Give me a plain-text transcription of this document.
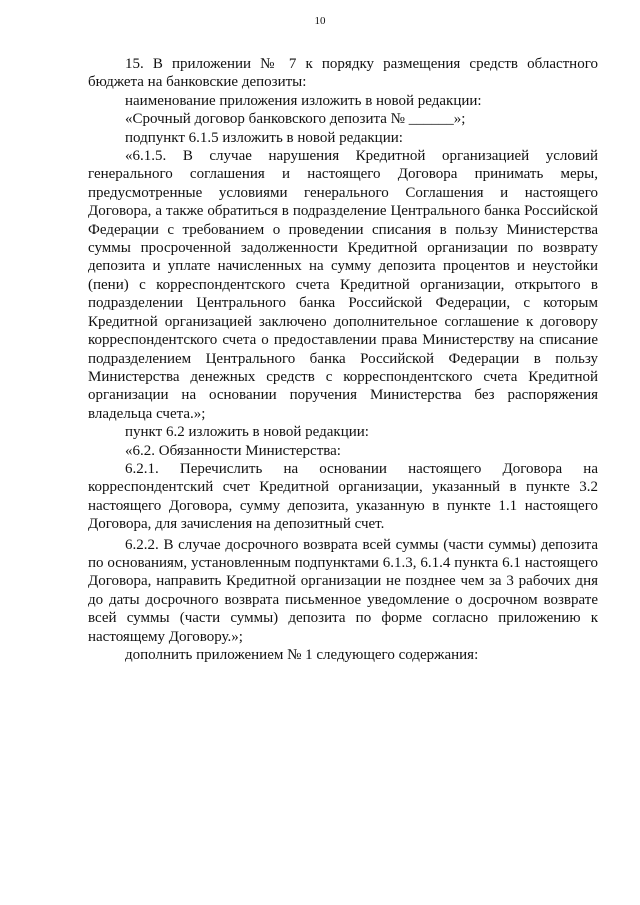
10

15. В приложении № 7 к порядку размещения средств областного бюджета на банковские депозиты:

наименование приложения изложить в новой редакции:

«Срочный договор банковского депозита № ______»;

подпункт 6.1.5 изложить в новой редакции:

«6.1.5. В случае нарушения Кредитной организацией условий генерального соглашения и настоящего Договора принимать меры, предусмотренные условиями генерального Соглашения и настоящего Договора, а также обратиться в подразделение Центрального банка Российской Федерации с требованием о проведении списания в пользу Министерства суммы просроченной задолженности Кредитной организации по возврату депозита и уплате начисленных на сумму депозита процентов и неустойки (пени) с корреспондентского счета Кредитной организации, открытого в подразделении Центрального банка Российской Федерации, с которым Кредитной организацией заключено дополнительное соглашение к договору корреспондентского счета о предоставлении права Министерству на списание подразделением Центрального банка Российской Федерации в пользу Министерства денежных средств с корреспондентского счета Кредитной организации на основании поручения Министерства без распоряжения владельца счета.»;

пункт 6.2 изложить в новой редакции:

«6.2. Обязанности Министерства:

6.2.1. Перечислить на основании настоящего Договора на корреспондентский счет Кредитной организации, указанный в пункте 3.2 настоящего Договора, сумму депозита, указанную в пункте 1.1 настоящего Договора, для зачисления на депозитный счет.

6.2.2. В случае досрочного возврата всей суммы (части суммы) депозита по основаниям, установленным подпунктами 6.1.3, 6.1.4 пункта 6.1 настоящего Договора, направить Кредитной организации не позднее чем за 3 рабочих дня до даты досрочного возврата письменное уведомление о досрочном возврате всей суммы (части суммы) депозита по форме согласно приложению к настоящему Договору.»;

дополнить приложением № 1 следующего содержания:
